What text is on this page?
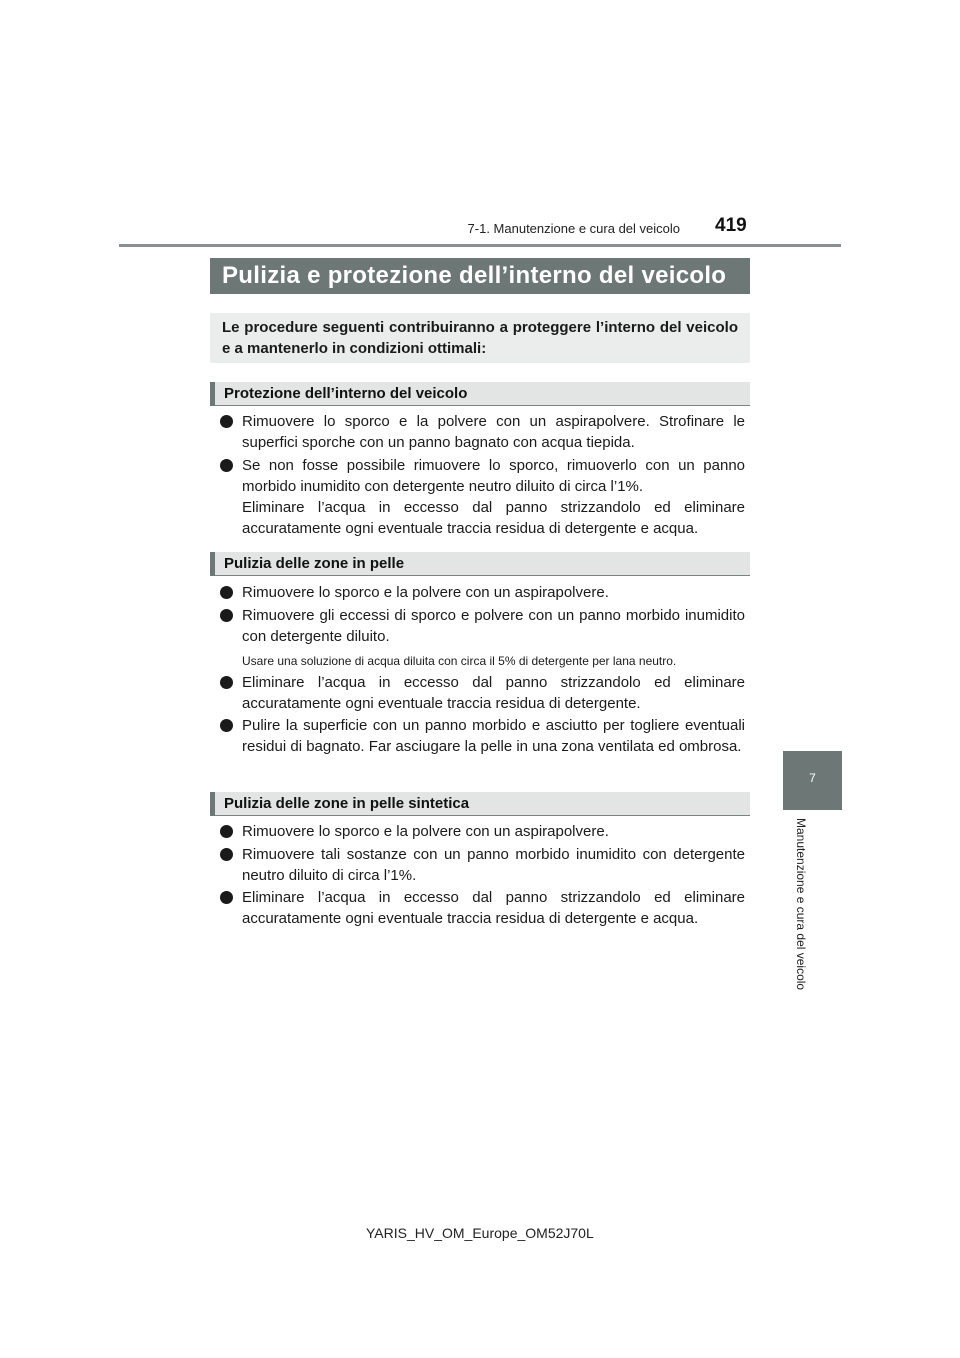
7-1. Manutenzione e cura del veicolo 419
Pulizia e protezione dell’interno del veicolo
Le procedure seguenti contribuiranno a proteggere l’interno del veicolo e a mantenerlo in condizioni ottimali:
Protezione dell’interno del veicolo
Rimuovere lo sporco e la polvere con un aspirapolvere. Strofinare le superfici sporche con un panno bagnato con acqua tiepida.
Se non fosse possibile rimuovere lo sporco, rimuoverlo con un panno morbido inumidito con detergente neutro diluito di circa l’1%.
Eliminare l’acqua in eccesso dal panno strizzandolo ed eliminare accuratamente ogni eventuale traccia residua di detergente e acqua.
Pulizia delle zone in pelle
Rimuovere lo sporco e la polvere con un aspirapolvere.
Rimuovere gli eccessi di sporco e polvere con un panno morbido inumidito con detergente diluito.
Usare una soluzione di acqua diluita con circa il 5% di detergente per lana neutro.
Eliminare l’acqua in eccesso dal panno strizzandolo ed eliminare accuratamente ogni eventuale traccia residua di detergente.
Pulire la superficie con un panno morbido e asciutto per togliere eventuali residui di bagnato. Far asciugare la pelle in una zona ventilata ed ombrosa.
Pulizia delle zone in pelle sintetica
Rimuovere lo sporco e la polvere con un aspirapolvere.
Rimuovere tali sostanze con un panno morbido inumidito con detergente neutro diluito di circa l’1%.
Eliminare l’acqua in eccesso dal panno strizzandolo ed eliminare accuratamente ogni eventuale traccia residua di detergente e acqua.
7
Manutenzione e cura del veicolo
YARIS_HV_OM_Europe_OM52J70L
